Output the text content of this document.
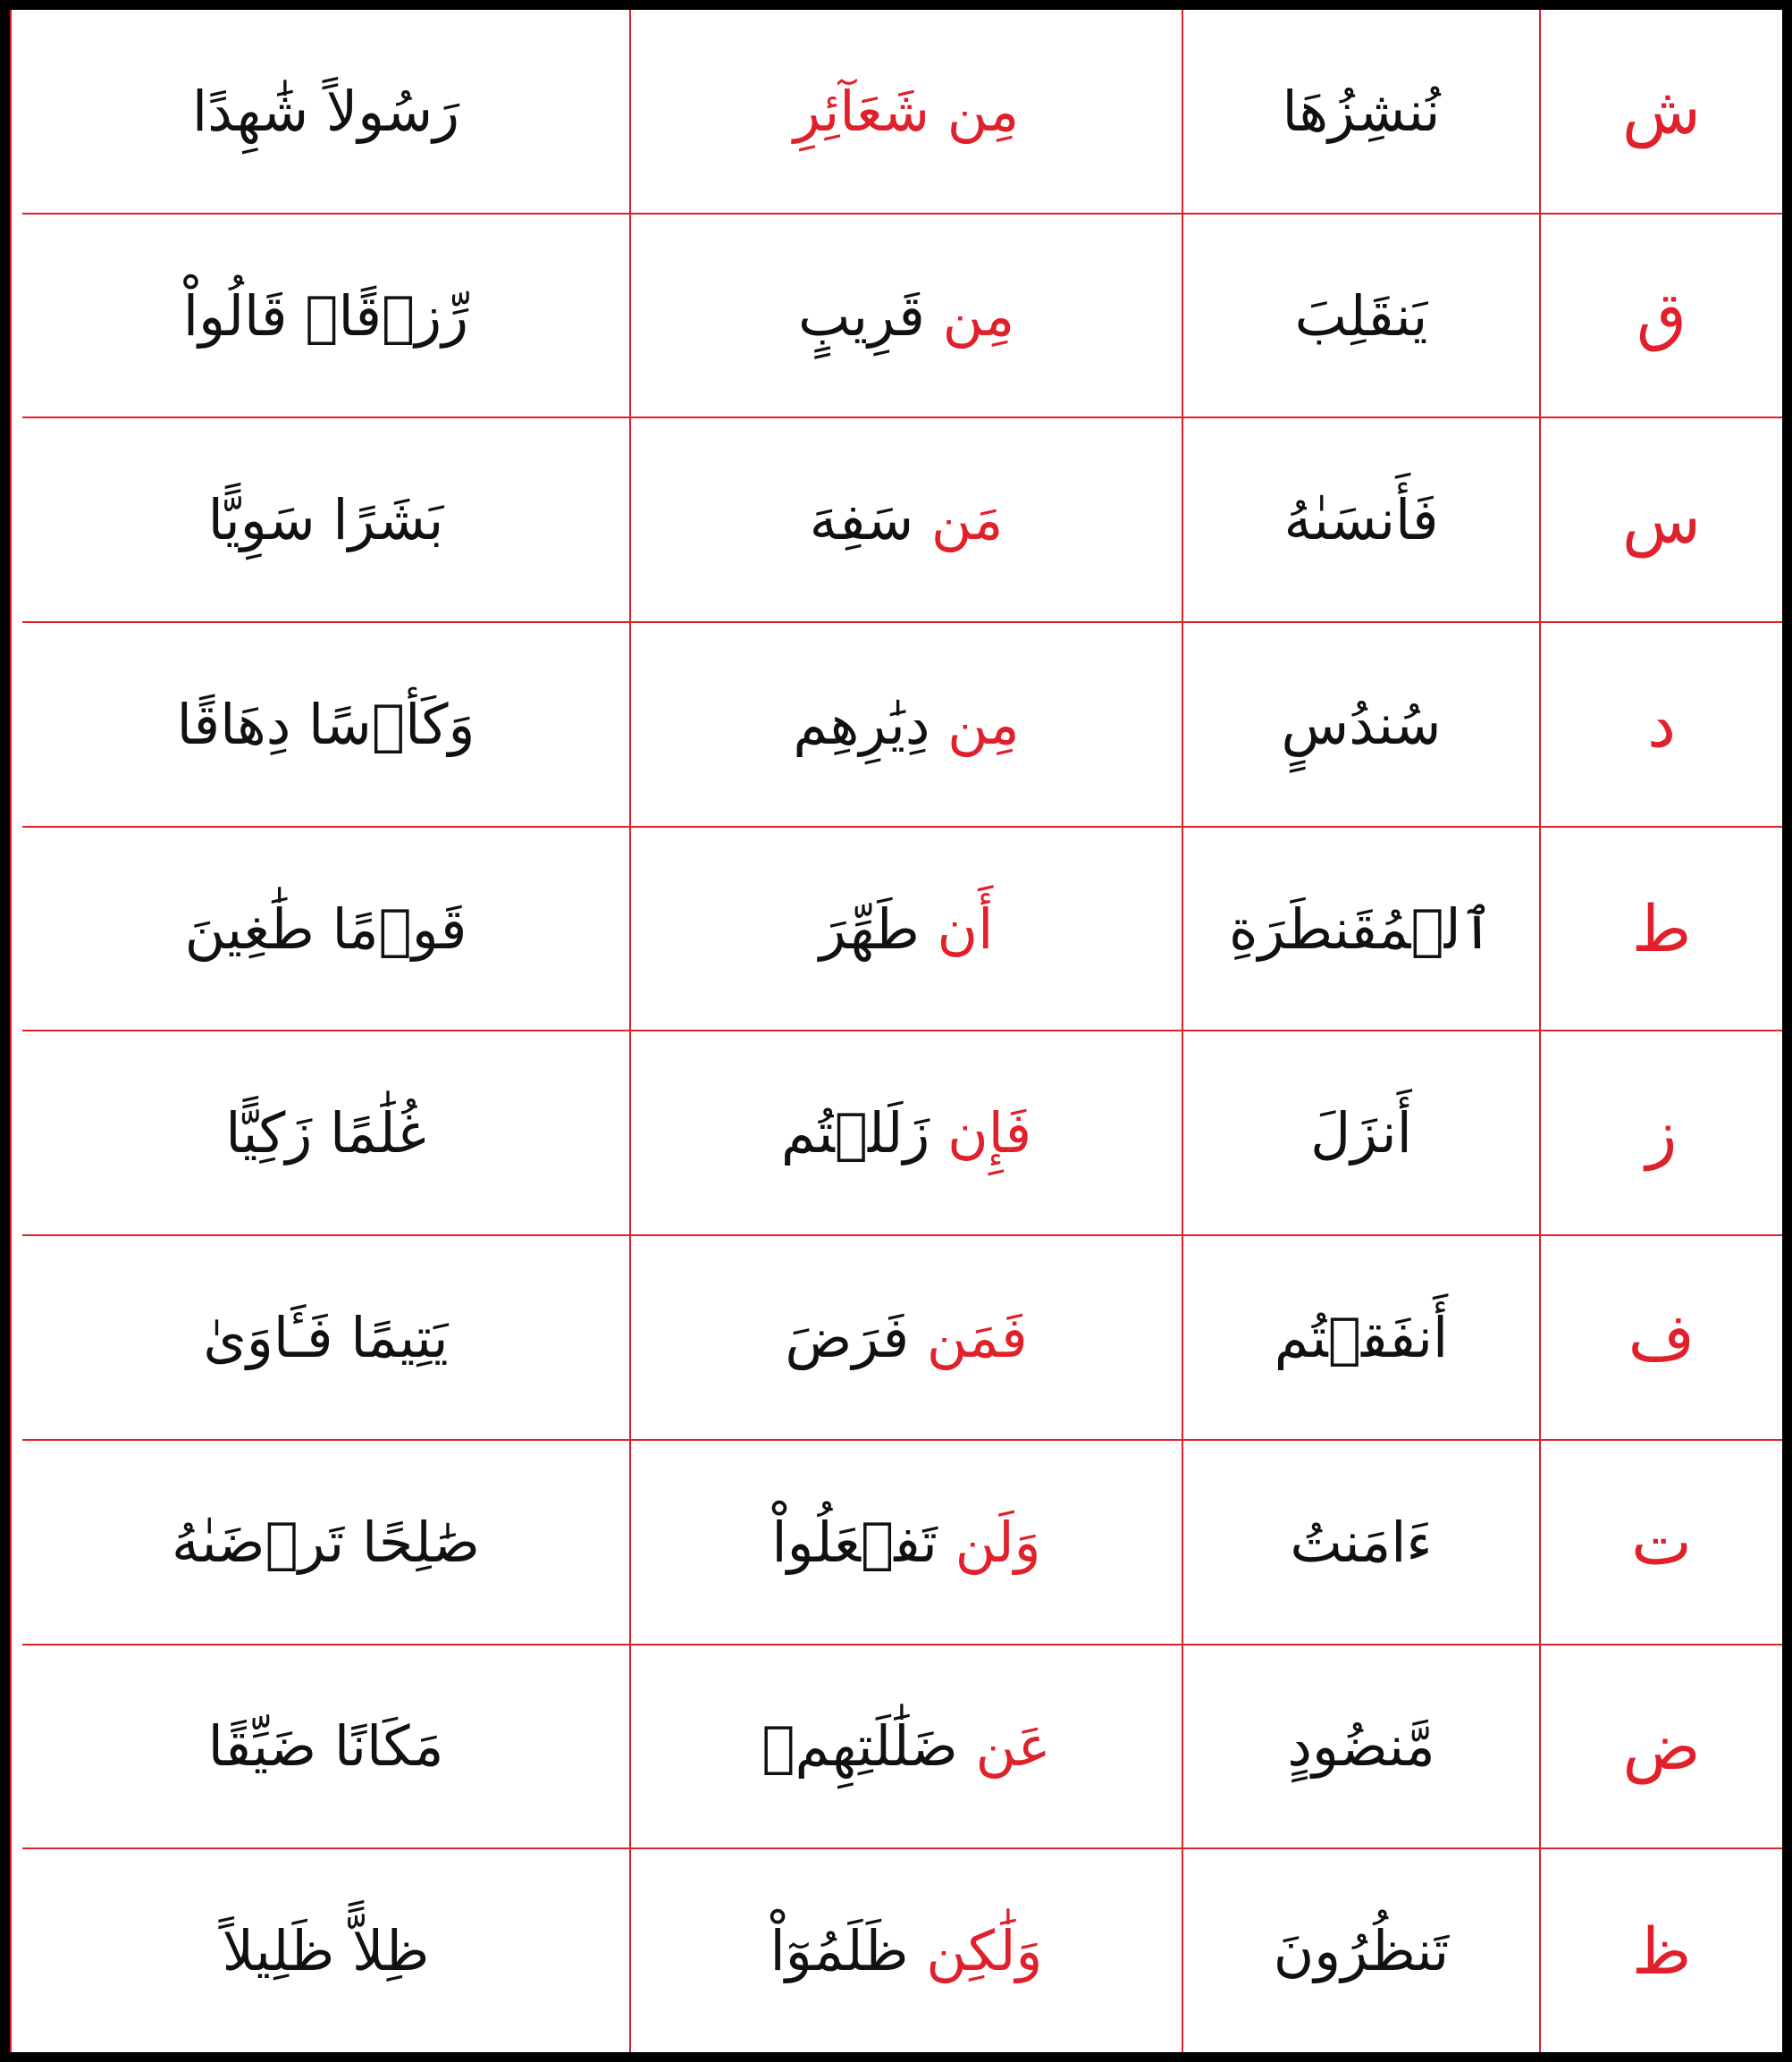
رَسُولاً شَٰهِدًا	مِن شَعَآئِرِ	نُنشِزُهَا	ش
رِّزۡقًاۖ قَالُواْ	مِن قَرِيبٍ	يَنقَلِبَ	ق
بَشَرًا سَوِيًّا	مَن سَفِهَ	فَأَنسَىٰهُ	س
وَكَأۡسًا دِهَاقًا	مِن دِيَٰرِهِم	سُندُسٍ	د
قَوۡمًا طَٰغِينَ	أَن طَهِّرَ	ٱلۡمُقَنطَرَةِ	ط
غُلَٰمًا زَكِيًّا	فَإِن زَلَلۡتُم	أَنزَلَ	ز
يَتِيمًا فَـَٔاوَىٰ	فَمَن فَرَضَ	أَنفَقۡتُم	ف
صَٰلِحًا تَرۡضَىٰهُ	وَلَن تَفۡعَلُواْ	ءَامَنتُ	ت
مَكَانًا ضَيِّقًا	عَن ضَلَٰلَتِهِمۡ	مَّنضُودٍ	ض
ظِلاًّ ظَلِيلاً	وَلَٰكِن ظَلَمُوٓاْ	تَنظُرُونَ	ظ
